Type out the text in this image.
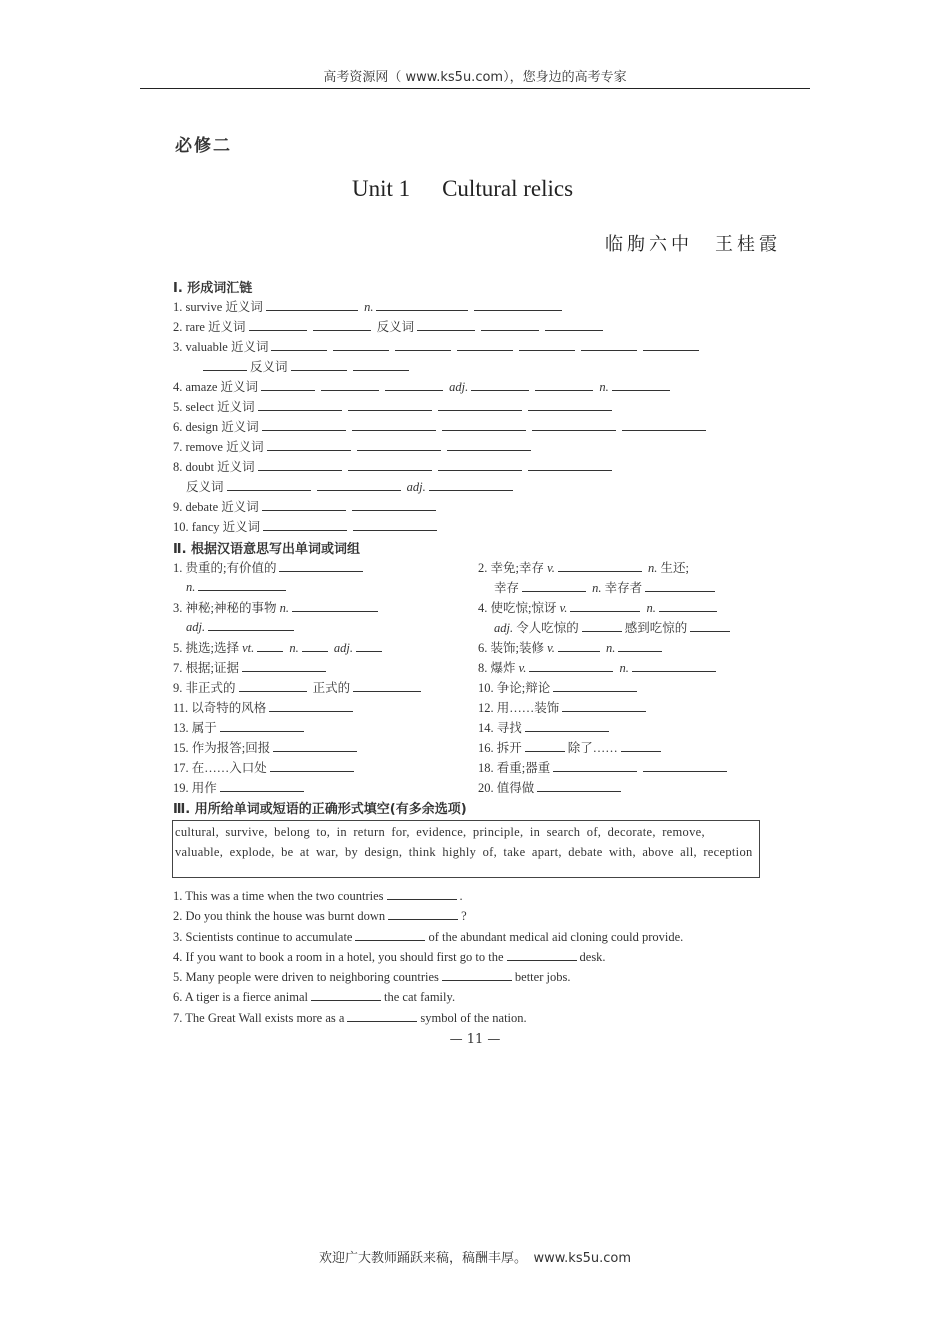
高考资源网（ www.ks5u.com），您身边的高考专家
必修二
Unit 1 Cultural relics
临朐六中　王桂霞
Ⅰ. 形成词汇链
1. survive 近义词	n.
2. rare 近义词	反义词
3. valuable 近义词
反义词
4. amaze 近义词	adj.	n.
5. select 近义词
6. design 近义词
7. remove 近义词
8. doubt 近义词
反义词	adj.
9. debate 近义词
10. fancy 近义词
Ⅱ. 根据汉语意思写出单词或词组
1. 贵重的;有价值的
n.
2. 幸免;幸存 v.	n. 生还;
幸存	n. 幸存者
3. 神秘;神秘的事物 n.
adj.
4. 使吃惊;惊讶 v.	n.
adj. 令人吃惊的	感到吃惊的
5. 挑选;选择 vt.	n.	adj.	6. 装饰;装修 v.	n.
7. 根据;证据	8. 爆炸 v.	n.
9. 非正式的	正式的	10. 争论;辩论
11. 以奇特的风格	12. 用……装饰
13. 属于	14. 寻找
15. 作为报答;回报	16. 拆开	除了……
17. 在……入口处	18. 看重;器重
19. 用作	20. 值得做
Ⅲ. 用所给单词或短语的正确形式填空(有多余选项)
cultural, survive, belong to, in return for, evidence, principle, in search of, decorate, remove, valuable, explode, be at war, by design, think highly of, take apart, debate with, above all, reception
1. This was a time when the two countries	.
2. Do you think the house was burnt down	?
3. Scientists continue to accumulate	of the abundant medical aid cloning could provide.
4. If you want to book a room in a hotel, you should first go to the	desk.
5. Many people were driven to neighboring countries	better jobs.
6. A tiger is a fierce animal	the cat family.
7. The Great Wall exists more as a	symbol of the nation.
— 11 —
欢迎广大教师踊跃来稿，稿酬丰厚。　www.ks5u.com
